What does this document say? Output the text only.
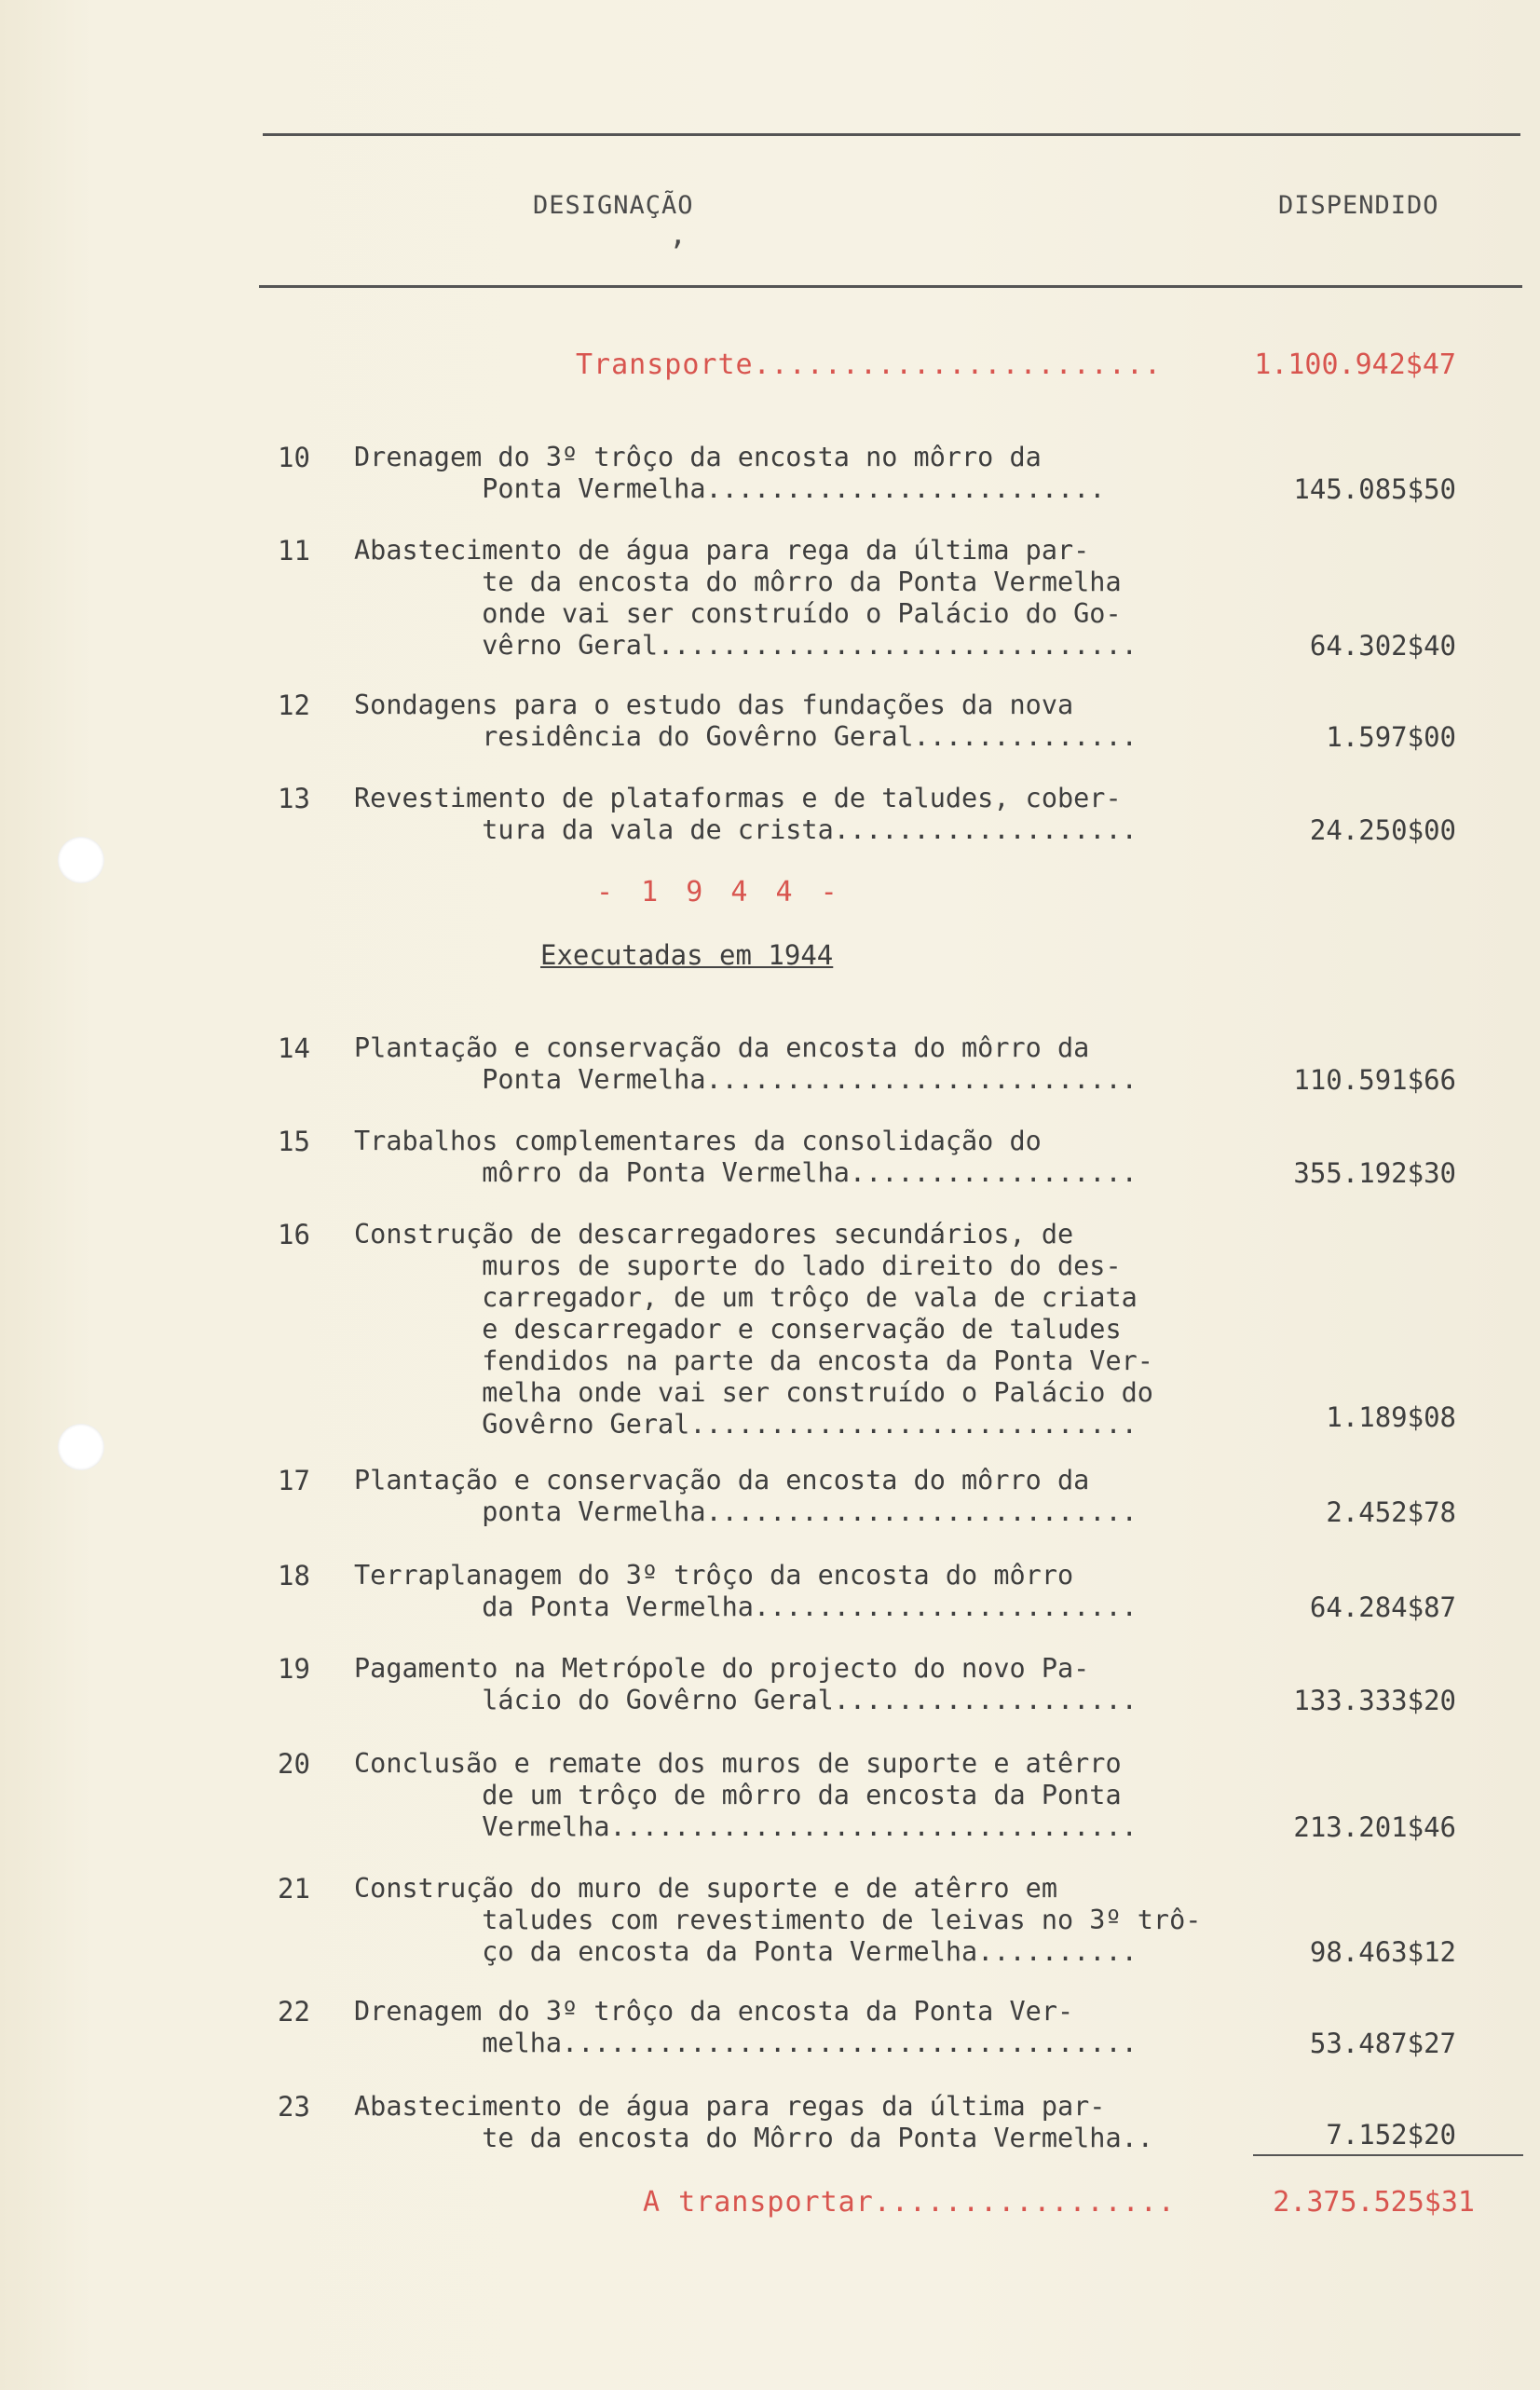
DESIGNAÇÃO
,
DISPENDIDO
Transporte.......................	1.100.942$47
10 Drenagem do 3º trôço da encosta no môrro da
Ponta Vermelha.........................	145.085$50
11 Abastecimento de água para rega da última par-
te da encosta do môrro da Ponta Vermelha
onde vai ser construído o Palácio do Go-
vêrno Geral..............................	64.302$40
12 Sondagens para o estudo das fundações da nova
residência do Govêrno Geral..............	1.597$00
13 Revestimento de plataformas e de taludes, cober-
tura da vala de crista...................	24.250$00
- 1 9 4 4 -
Executadas em 1944
14 Plantação e conservação da encosta do môrro da
Ponta Vermelha...........................	110.591$66
15 Trabalhos complementares da consolidação do
môrro da Ponta Vermelha..................	355.192$30
16 Construção de descarregadores secundários, de
muros de suporte do lado direito do des-
carregador, de um trôço de vala de criata
e descarregador e conservação de taludes
fendidos na parte da encosta da Ponta Ver-
melha onde vai ser construído o Palácio do
Govêrno Geral............................	1.189$08
17 Plantação e conservação da encosta do môrro da
ponta Vermelha...........................	2.452$78
18 Terraplanagem do 3º trôço da encosta do môrro
da Ponta Vermelha........................	64.284$87
19 Pagamento na Metrópole do projecto do novo Pa-
lácio do Govêrno Geral...................	133.333$20
20 Conclusão e remate dos muros de suporte e atêrro
de um trôço de môrro da encosta da Ponta
Vermelha.................................	213.201$46
21 Construção do muro de suporte e de atêrro em
taludes com revestimento de leivas no 3º trô-
ço da encosta da Ponta Vermelha..........	98.463$12
22 Drenagem do 3º trôço da encosta da Ponta Ver-
melha....................................	53.487$27
23 Abastecimento de água para regas da última par-
te da encosta do Môrro da Ponta Vermelha..	7.152$20
A transportar.................	2.375.525$31
